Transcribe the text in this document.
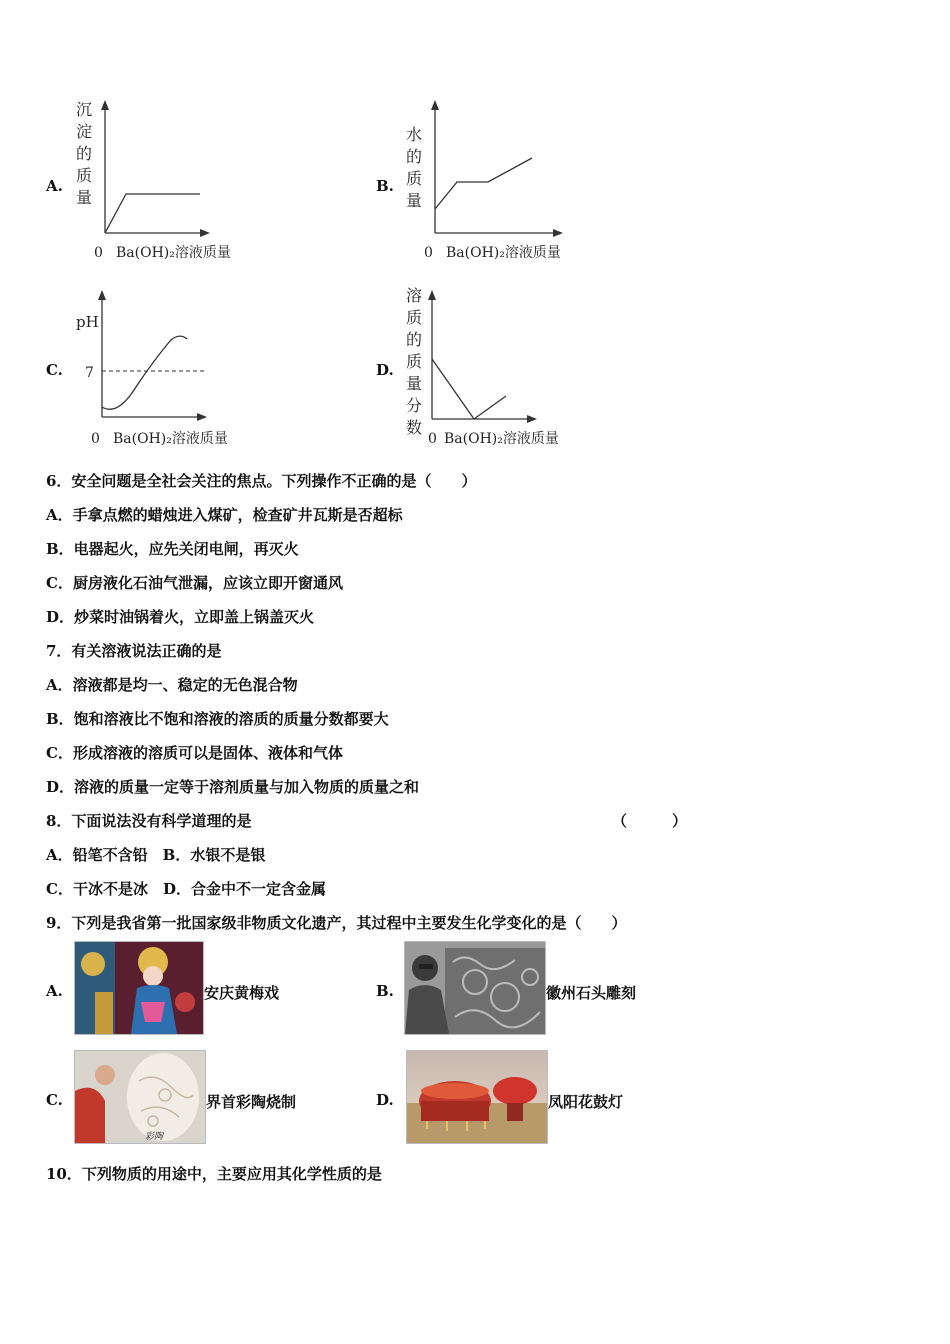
A.
沉
淀
的
质
量
0 Ba(OH)₂溶液质量
B.
水
的
质
量
0 Ba(OH)₂溶液质量
C.
pH
7
0 Ba(OH)₂溶液质量
D.
溶
质
的
质
量
分
数
0 Ba(OH)₂溶液质量
6．安全问题是全社会关注的焦点。下列操作不正确的是（　　）
A．手拿点燃的蜡烛进入煤矿，检查矿井瓦斯是否超标
B．电器起火，应先关闭电闸，再灭火
C．厨房液化石油气泄漏，应该立即开窗通风
D．炒菜时油锅着火，立即盖上锅盖灭火
7．有关溶液说法正确的是
A．溶液都是均一、稳定的无色混合物
B．饱和溶液比不饱和溶液的溶质的质量分数都要大
C．形成溶液的溶质可以是固体、液体和气体
D．溶液的质量一定等于溶剂质量与加入物质的质量之和
8．下面说法没有科学道理的是	（　　　）
A．铅笔不含铅　B．水银不是银
C．干冰不是冰　D．合金中不一定含金属
9．下列是我省第一批国家级非物质文化遗产，其过程中主要发生化学变化的是（　　）
A.	安庆黄梅戏	B.	徽州石头雕刻
C.
彩陶
界首彩陶烧制	D.	凤阳花鼓灯
10．下列物质的用途中，主要应用其化学性质的是
